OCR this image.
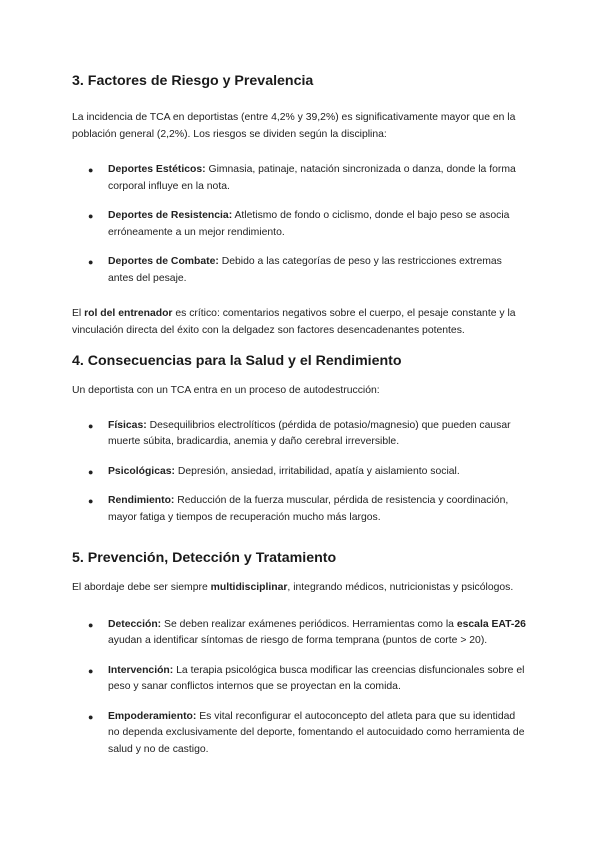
3. Factores de Riesgo y Prevalencia

La incidencia de TCA en deportistas (entre 4,2% y 39,2%) es significativamente mayor que en la población general (2,2%). Los riesgos se dividen según la disciplina:

● Deportes Estéticos: Gimnasia, patinaje, natación sincronizada o danza, donde la forma corporal influye en la nota.
● Deportes de Resistencia: Atletismo de fondo o ciclismo, donde el bajo peso se asocia erróneamente a un mejor rendimiento.
● Deportes de Combate: Debido a las categorías de peso y las restricciones extremas antes del pesaje.

El rol del entrenador es crítico: comentarios negativos sobre el cuerpo, el pesaje constante y la vinculación directa del éxito con la delgadez son factores desencadenantes potentes.

4. Consecuencias para la Salud y el Rendimiento

Un deportista con un TCA entra en un proceso de autodestrucción:

● Físicas: Desequilibrios electrolíticos (pérdida de potasio/magnesio) que pueden causar muerte súbita, bradicardia, anemia y daño cerebral irreversible.
● Psicológicas: Depresión, ansiedad, irritabilidad, apatía y aislamiento social.
● Rendimiento: Reducción de la fuerza muscular, pérdida de resistencia y coordinación, mayor fatiga y tiempos de recuperación mucho más largos.
5. Prevención, Detección y Tratamiento

El abordaje debe ser siempre multidisciplinar, integrando médicos, nutricionistas y psicólogos.

● Detección: Se deben realizar exámenes periódicos. Herramientas como la escala EAT-26 ayudan a identificar síntomas de riesgo de forma temprana (puntos de corte > 20).
● Intervención: La terapia psicológica busca modificar las creencias disfuncionales sobre el peso y sanar conflictos internos que se proyectan en la comida.
● Empoderamiento: Es vital reconfigurar el autoconcepto del atleta para que su identidad no dependa exclusivamente del deporte, fomentando el autocuidado como herramienta de salud y no de castigo.
